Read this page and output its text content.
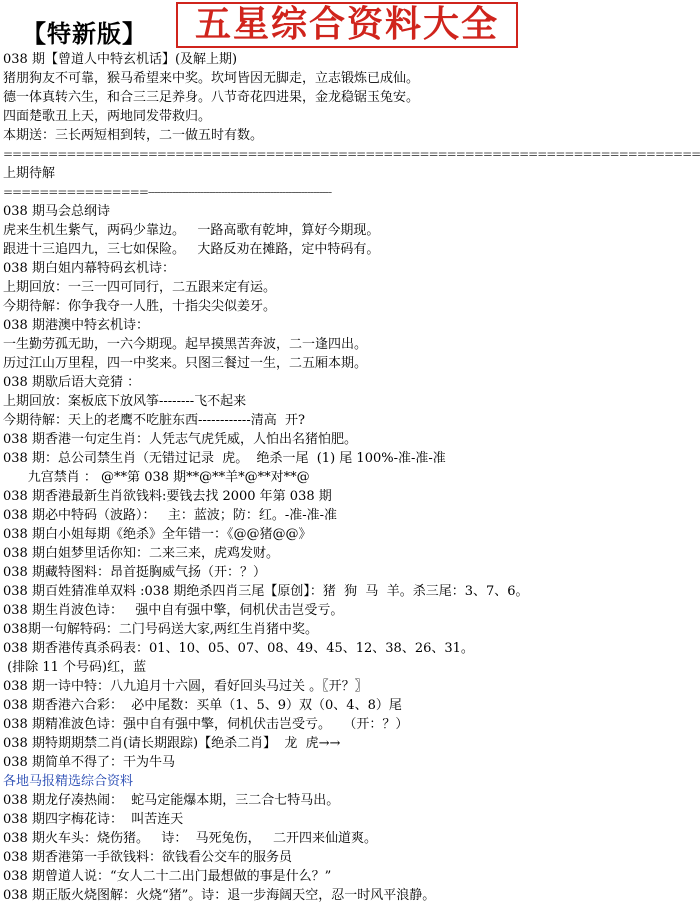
【特新版】	五星综合资料大全
038 期【曾道人中特玄机话】(及解上期)
猪朋狗友不可靠，猴马希望来中奖。坎坷皆因无脚走，立志锻炼已成仙。
德一体真转六生，和合三三足养身。八节奇花四进果，金龙稳锯玉兔安。
四面楚歌丑上天，两地同发带救归。
本期送：三长两短相到转，二一做五时有数。
=============================================================================
上期待解
================------------------------------------------------------------
038 期马会总纲诗
虎来生机生紫气，两码少靠边。   一路高歌有乾坤，算好今期现。
跟进十三追四九，三七如保险。   大路反劝在摊路，定中特码有。
038 期白姐内幕特码玄机诗：
上期回放：一三一四可同行，二五跟来定有运。
今期待解：你争我夺一人胜，十指尖尖似姜牙。
038 期港澳中特玄机诗：
一生勤劳孤无助，一六今期现。起早摸黑苦奔波，二一逢四出。
历过江山万里程，四一中奖来。只图三餐过一生，二五厢本期。
038 期歇后语大竞猜 ：
上期回放：案板底下放风筝--------飞不起来
今期待解：天上的老鹰不吃脏东西------------清高  开?
038 期香港一句定生肖：人凭志气虎凭威，人怕出名猪怕肥。
038 期：总公司禁生肖（无错过记录  虎。  绝杀一尾  (1) 尾 100%-准-准-准
九宫禁肖 ： @**第 038 期**@**羊*@**对**@
038 期香港最新生肖欲钱料:要钱去找 2000 年第 038 期
038 期必中特码（波路）：   主：蓝波；防：红。-准-准-准
038 期白小姐每期《绝杀》全年错一：《@@猪@@》
038 期白姐梦里话你知：二来三来，虎鸡发财。
038 期藏特图料：昂首挺胸威气扬（开：？）
038 期百姓猜准单双料 :038 期绝杀四肖三尾【原创】：猪  狗  马  羊。杀三尾：3、7、6。
038 期生肖波色诗：   强中自有强中擎，伺机伏击岂受亏。
038期一句解特码：二门号码送大家,两红生肖猪中奖。
038 期香港传真杀码表：01、10、05、07、08、49、45、12、38、26、31。
(排除 11 个号码)红，蓝
038 期一诗中特：八九追月十六圆，看好回头马过关 。〖开？〗
038 期香港六合彩：  必中尾数：买单（1、5、9）双（0、4、8）尾
038 期精准波色诗：强中自有强中擎，伺机伏击岂受亏。   （开：？）
038 期特期期禁二肖(请长期跟踪)【绝杀二肖】  龙  虎→→
038 期简单不得了：干为牛马
各地马报精选综合资料
038 期龙仔凑热闹：  蛇马定能爆本期，三二合七特马出。
038 期四字梅花诗：  叫苦连天
038 期火车头：烧伤猪。   诗：  马死兔伤，   二开四来仙道爽。
038 期香港第一手欲钱料：欲钱看公交车的服务员
038 期曾道人说：“女人二十二出门最想做的事是什么？”
038 期正版火烧图解：火烧“猪”。诗：退一步海阔天空，忍一时风平浪静。
